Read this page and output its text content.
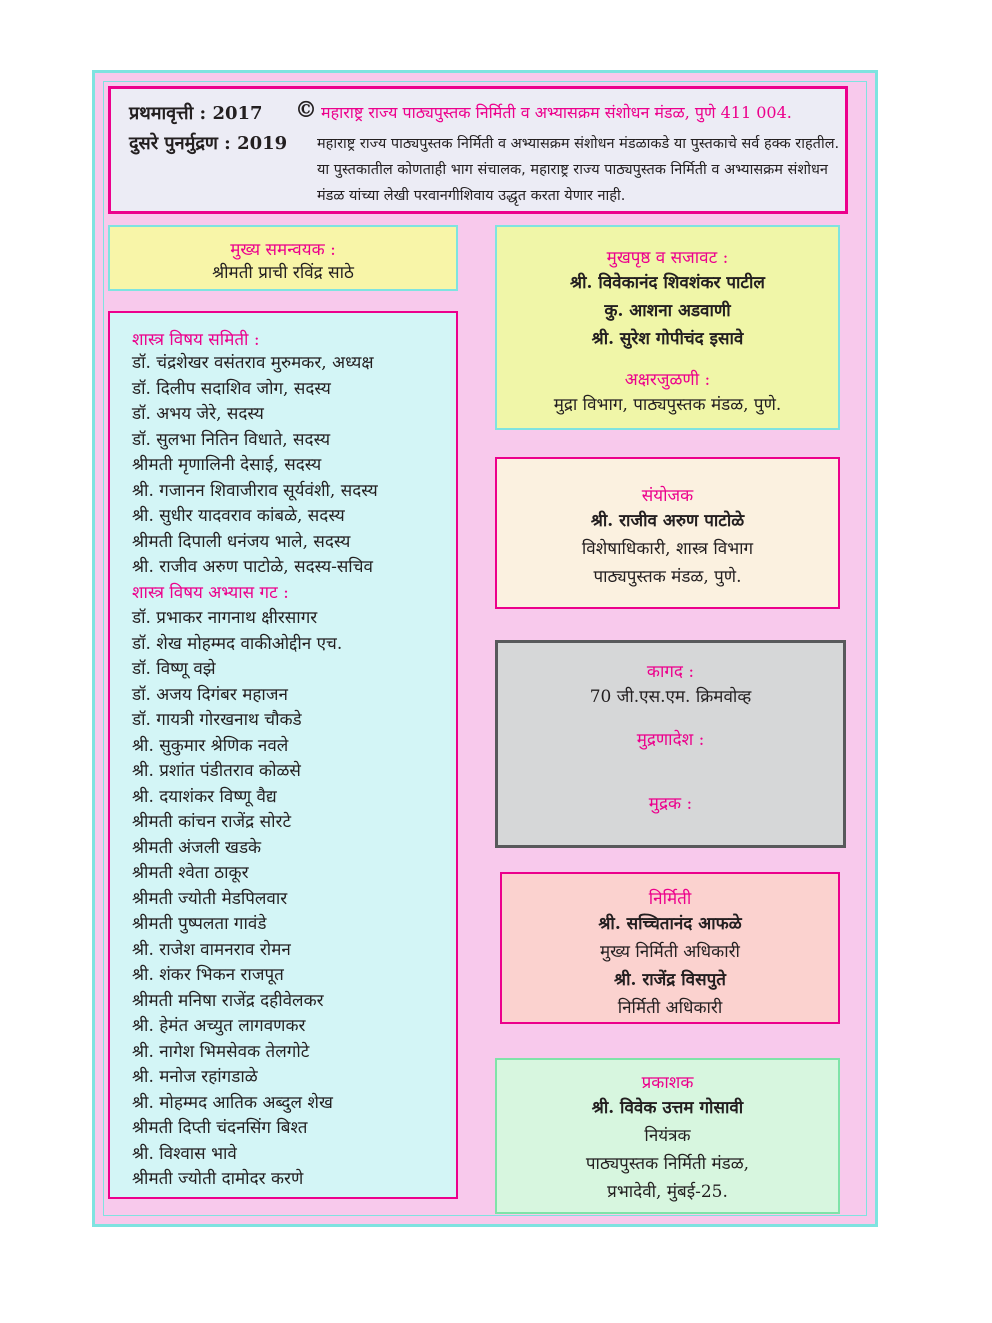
प्रथमावृत्ती : 2017
दुसरे पुनर्मुद्रण : 2019
© महाराष्ट्र राज्य पाठ्यपुस्तक निर्मिती व अभ्यासक्रम संशोधन मंडळ, पुणे 411 004.
महाराष्ट्र राज्य पाठ्यपुस्तक निर्मिती व अभ्यासक्रम संशोधन मंडळाकडे या पुस्तकाचे सर्व हक्क राहतील. या पुस्तकातील कोणताही भाग संचालक, महाराष्ट्र राज्य पाठ्यपुस्तक निर्मिती व अभ्यासक्रम संशोधन मंडळ यांच्या लेखी परवानगीशिवाय उद्धृत करता येणार नाही.
मुख्य समन्वयक :
श्रीमती प्राची रविंद्र साठे
शास्त्र विषय समिती :
डॉ. चंद्रशेखर वसंतराव मुरुमकर, अध्यक्ष
डॉ. दिलीप सदाशिव जोग, सदस्य
डॉ. अभय जेरे, सदस्य
डॉ. सुलभा नितिन विधाते, सदस्य
श्रीमती मृणालिनी देसाई, सदस्य
श्री. गजानन शिवाजीराव सूर्यवंशी, सदस्य
श्री. सुधीर यादवराव कांबळे, सदस्य
श्रीमती दिपाली धनंजय भाले, सदस्य
श्री. राजीव अरुण पाटोळे, सदस्य-सचिव
शास्त्र विषय अभ्यास गट :
डॉ. प्रभाकर नागनाथ क्षीरसागर
डॉ. शेख मोहम्मद वाकीओद्दीन एच.
डॉ. विष्णू वझे
डॉ. अजय दिगंबर महाजन
डॉ. गायत्री गोरखनाथ चौकडे
श्री. सुकुमार श्रेणिक नवले
श्री. प्रशांत पंडीतराव कोळसे
श्री. दयाशंकर विष्णू वैद्य
श्रीमती कांचन राजेंद्र सोरटे
श्रीमती अंजली खडके
श्रीमती श्वेता ठाकूर
श्रीमती ज्योती मेडपिलवार
श्रीमती पुष्पलता गावंडे
श्री. राजेश वामनराव रोमन
श्री. शंकर भिकन राजपूत
श्रीमती मनिषा राजेंद्र दहीवेलकर
श्री. हेमंत अच्युत लागवणकर
श्री. नागेश भिमसेवक तेलगोटे
श्री. मनोज रहांगडाळे
श्री. मोहम्मद आतिक अब्दुल शेख
श्रीमती दिप्ती चंदनसिंग बिश्त
श्री. विश्वास भावे
श्रीमती ज्योती दामोदर करणे
मुखपृष्ठ व सजावट :
श्री. विवेकानंद शिवशंकर पाटील
कु. आशना अडवाणी
श्री. सुरेश गोपीचंद इसावे
अक्षरजुळणी :
मुद्रा विभाग, पाठ्यपुस्तक मंडळ, पुणे.
संयोजक
श्री. राजीव अरुण पाटोळे
विशेषाधिकारी, शास्त्र विभाग
पाठ्यपुस्तक मंडळ, पुणे.
कागद :
70 जी.एस.एम. क्रिमवोव्ह
मुद्रणादेश :
मुद्रक :
निर्मिती
श्री. सच्चितानंद आफळे
मुख्य निर्मिती अधिकारी
श्री. राजेंद्र विसपुते
निर्मिती अधिकारी
प्रकाशक
श्री. विवेक उत्तम गोसावी
नियंत्रक
पाठ्यपुस्तक निर्मिती मंडळ,
प्रभादेवी, मुंबई-25.
